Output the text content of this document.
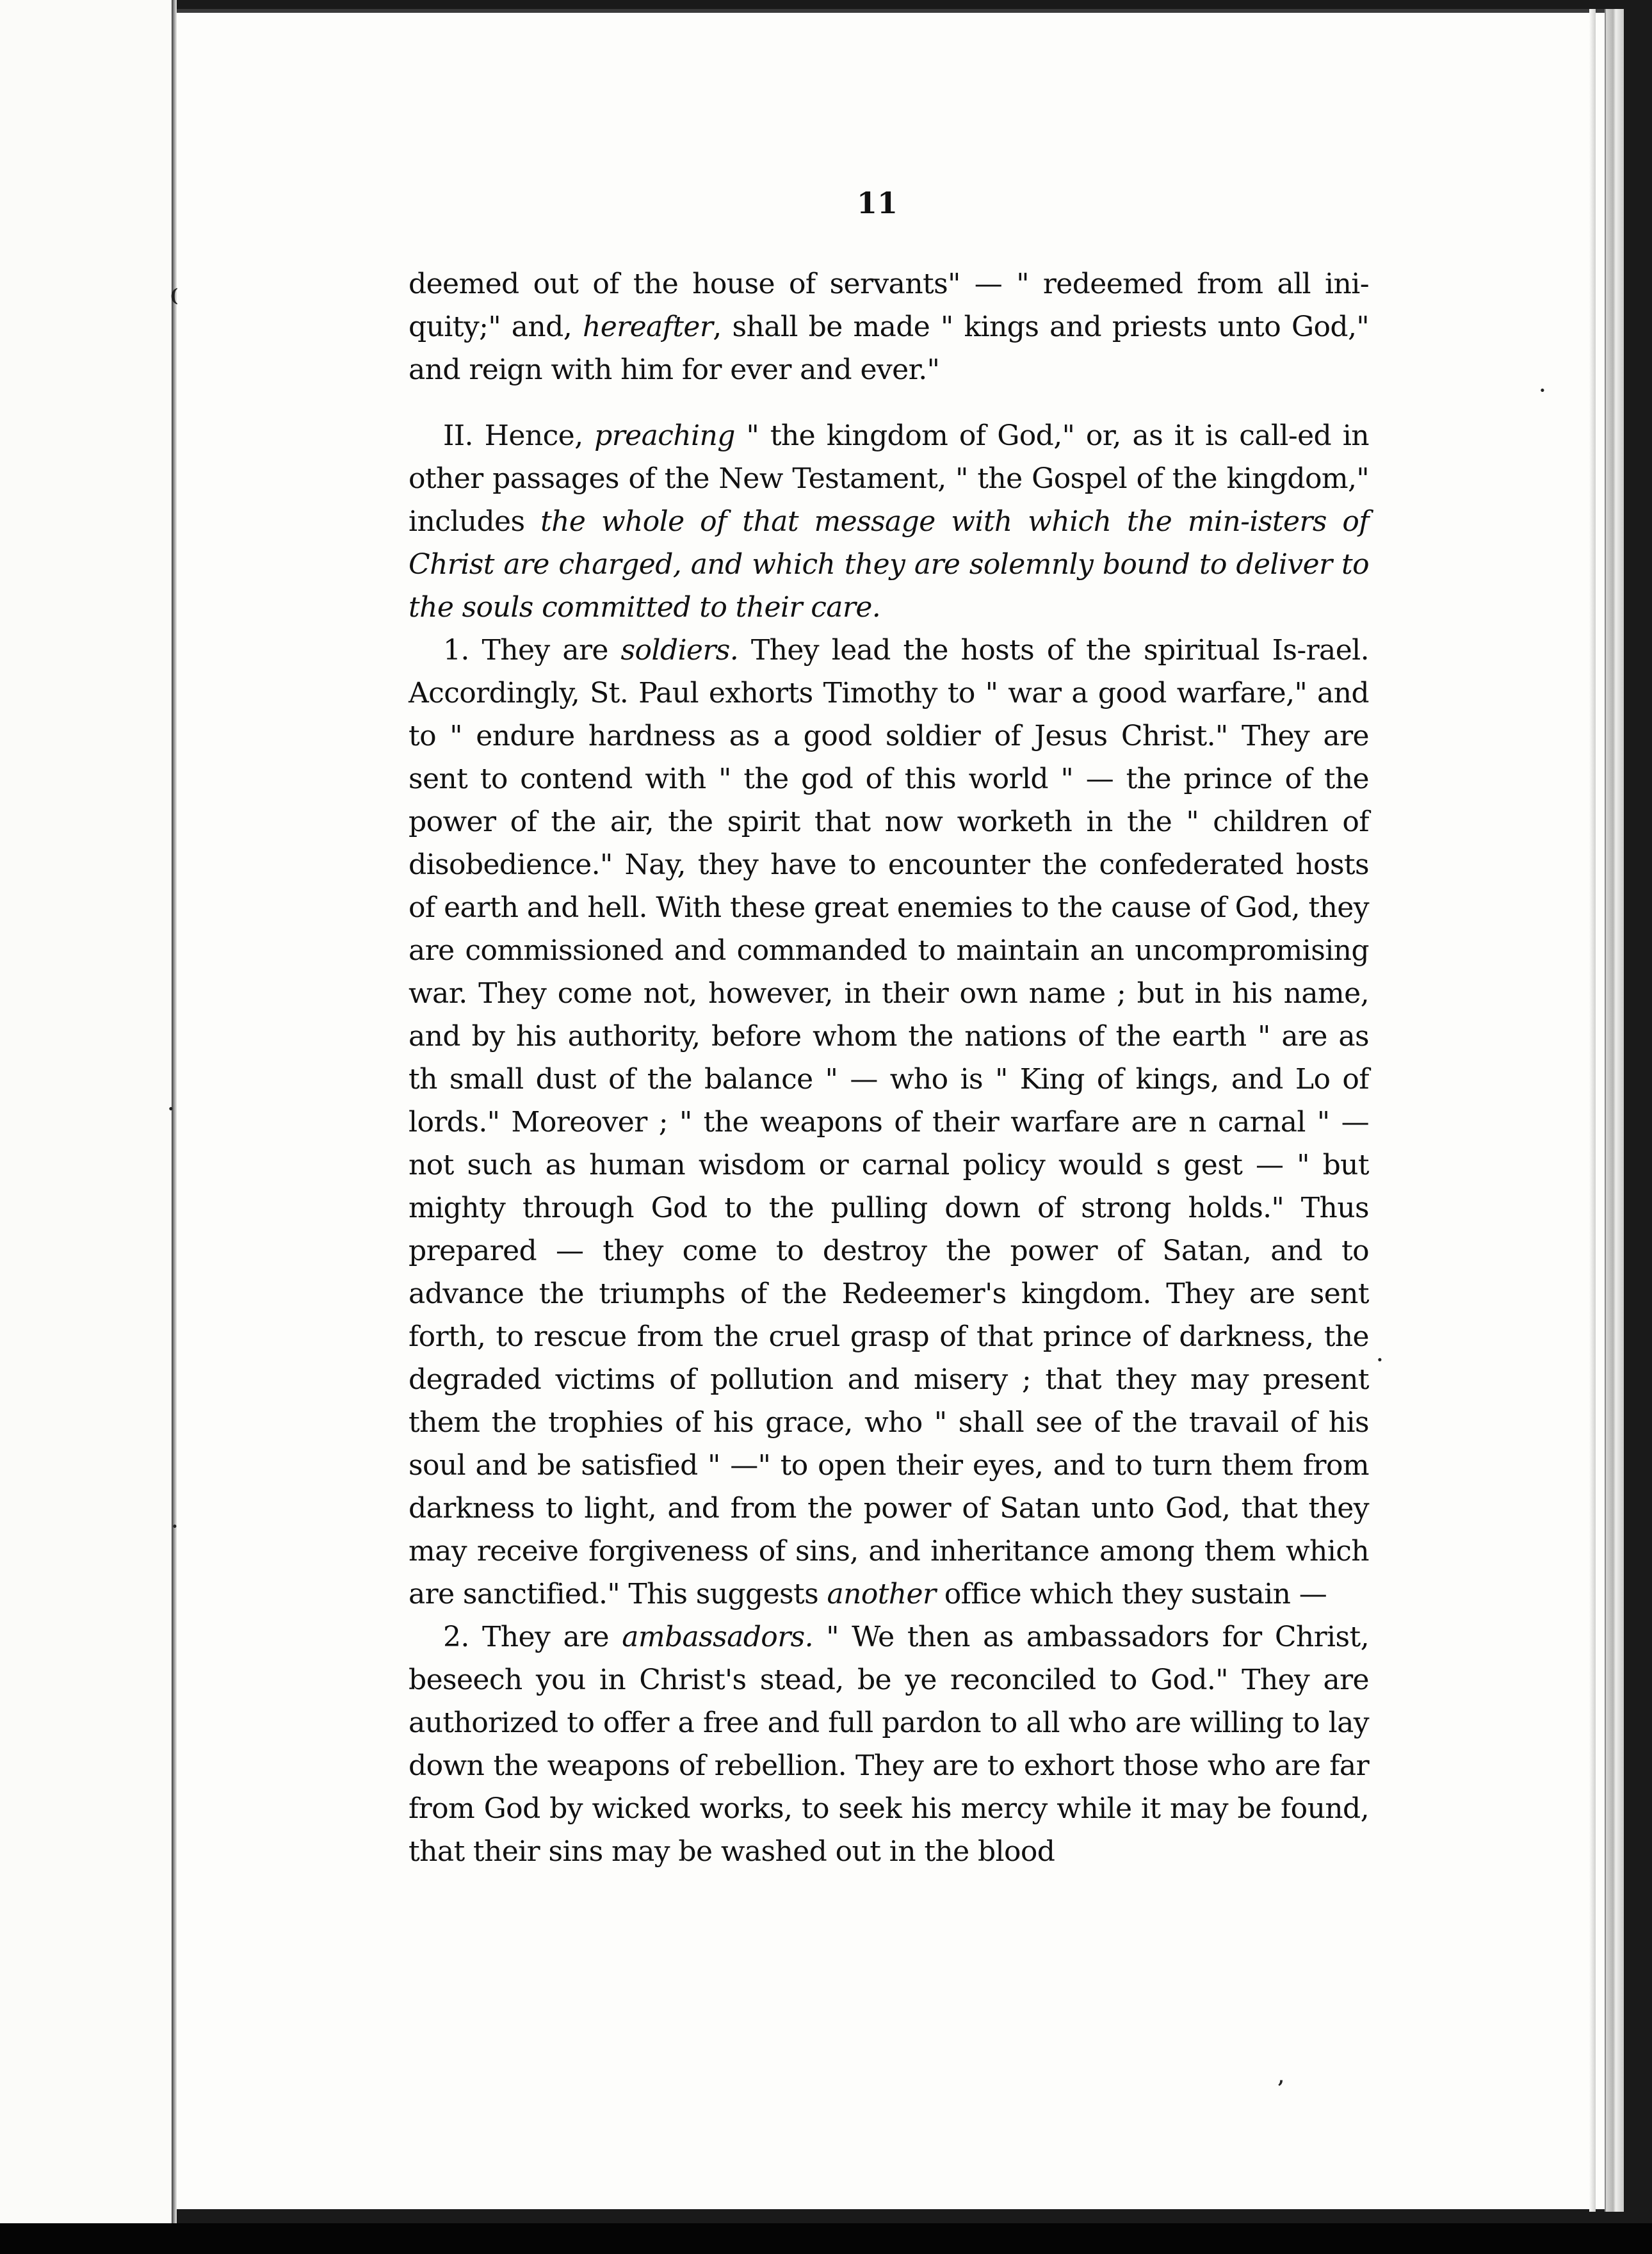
(
·
·
·
·
,
11

deemed out of the house of servants" — " redeemed from all ini-quity;" and, hereafter, shall be made " kings and priests unto God," and reign with him for ever and ever."

II. Hence, preaching " the kingdom of God," or, as it is call-ed in other passages of the New Testament, " the Gospel of the kingdom," includes the whole of that message with which the min-isters of Christ are charged, and which they are solemnly bound to deliver to the souls committed to their care.

1. They are soldiers. They lead the hosts of the spiritual Is-rael. Accordingly, St. Paul exhorts Timothy to " war a good warfare," and to " endure hardness as a good soldier of Jesus Christ." They are sent to contend with " the god of this world " — the prince of the power of the air, the spirit that now worketh in the " children of disobedience." Nay, they have to encounter the confederated hosts of earth and hell. With these great enemies to the cause of God, they are commissioned and commanded to maintain an uncompromising war. They come not, however, in their own name ; but in his name, and by his authority, before whom the nations of the earth " are as th small dust of the balance " — who is " King of kings, and Lo of lords." Moreover ; " the weapons of their warfare are n carnal " — not such as human wisdom or carnal policy would s gest — " but mighty through God to the pulling down of strong holds." Thus prepared — they come to destroy the power of Satan, and to advance the triumphs of the Redeemer's kingdom. They are sent forth, to rescue from the cruel grasp of that prince of darkness, the degraded victims of pollution and misery ; that they may present them the trophies of his grace, who " shall see of the travail of his soul and be satisfied " —" to open their eyes, and to turn them from darkness to light, and from the power of Satan unto God, that they may receive forgiveness of sins, and inheritance among them which are sanctified." This suggests another office which they sustain —

2. They are ambassadors. " We then as ambassadors for Christ, beseech you in Christ's stead, be ye reconciled to God." They are authorized to offer a free and full pardon to all who are willing to lay down the weapons of rebellion. They are to exhort those who are far from God by wicked works, to seek his mercy while it may be found, that their sins may be washed out in the blood
